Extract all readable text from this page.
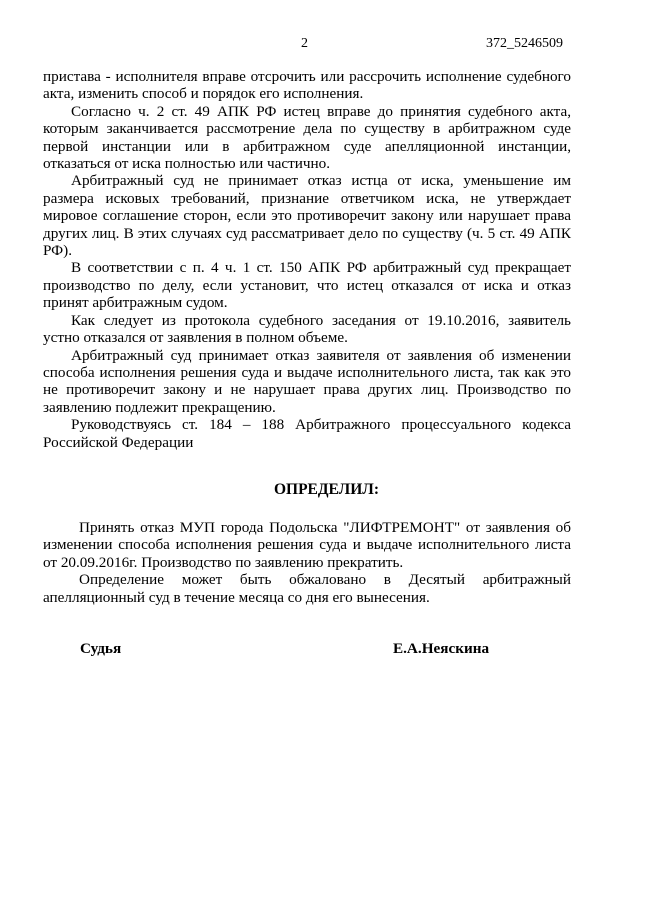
2	372_5246509

пристава - исполнителя вправе отсрочить или рассрочить исполнение судебного акта, изменить способ и порядок его исполнения.

Согласно ч. 2 ст. 49 АПК РФ истец вправе до принятия судебного акта, которым заканчивается рассмотрение дела по существу в арбитражном суде первой инстанции или в арбитражном суде апелляционной инстанции, отказаться от иска полностью или частично.

Арбитражный суд не принимает отказ истца от иска, уменьшение им размера исковых требований, признание ответчиком иска, не утверждает мировое соглашение сторон, если это противоречит закону или нарушает права других лиц. В этих случаях суд рассматривает дело по существу (ч. 5 ст. 49 АПК РФ).

В соответствии с п. 4 ч. 1 ст. 150 АПК РФ арбитражный суд прекращает производство по делу, если установит, что истец отказался от иска и отказ принят арбитражным судом.

Как следует из протокола судебного заседания от 19.10.2016, заявитель устно отказался от заявления в полном объеме.

Арбитражный суд принимает отказ заявителя от заявления об изменении способа исполнения решения суда и выдаче исполнительного листа, так как это не противоречит закону и не нарушает права других лиц. Производство по заявлению подлежит прекращению.

Руководствуясь ст. 184 – 188 Арбитражного процессуального кодекса Российской Федерации

ОПРЕДЕЛИЛ:

Принять отказ МУП города Подольска "ЛИФТРЕМОНТ" от заявления об изменении способа исполнения решения суда и выдаче исполнительного листа от 20.09.2016г. Производство по заявлению прекратить.

Определение может быть обжаловано в Десятый арбитражный апелляционный суд в течение месяца со дня его вынесения.

Судья	Е.А.Неяскина
